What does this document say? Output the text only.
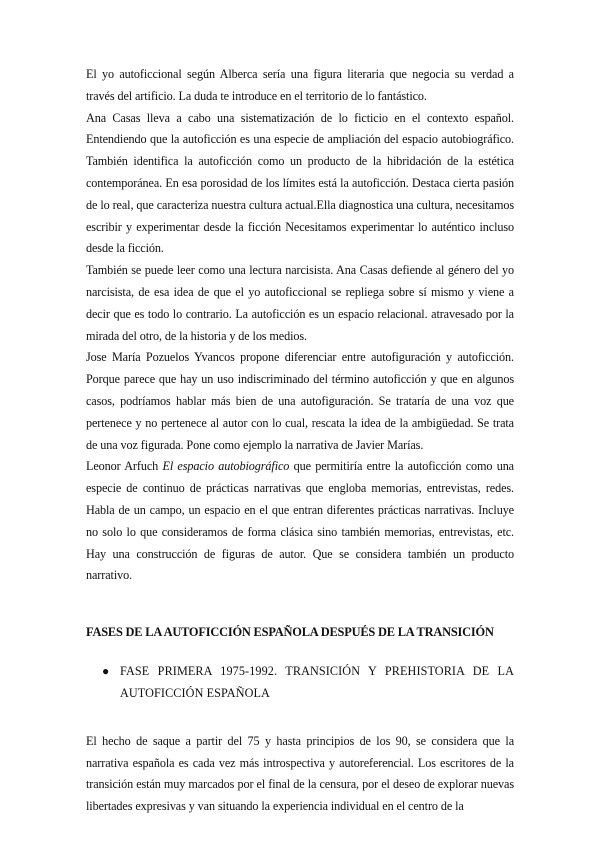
El yo autoficcional según Alberca sería una figura literaria que negocia su verdad a través del artificio. La duda te introduce en el territorio de lo fantástico.

Ana Casas lleva a cabo una sistematización de lo ficticio en el contexto español. Entendiendo que la autoficción es una especie de ampliación del espacio autobiográfico. También identifica la autoficción como un producto de la hibridación de la estética contemporánea. En esa porosidad de los límites está la autoficción. Destaca cierta pasión de lo real, que caracteriza nuestra cultura actual.Ella diagnostica una cultura, necesitamos escribir y experimentar desde la ficción Necesitamos experimentar lo auténtico incluso desde la ficción.

También se puede leer como una lectura narcisista. Ana Casas defiende al género del yo narcisista, de esa idea de que el yo autoficcional se repliega sobre sí mismo y viene a decir que es todo lo contrario. La autoficción es un espacio relacional. atravesado por la mirada del otro, de la historia y de los medios.

Jose María Pozuelos Yvancos propone diferenciar entre autofiguración y autoficción. Porque parece que hay un uso indiscriminado del término autoficción y que en algunos casos, podríamos hablar más bien de una autofiguración. Se trataría de una voz que pertenece y no pertenece al autor con lo cual, rescata la idea de la ambigüedad. Se trata de una voz figurada. Pone como ejemplo la narrativa de Javier Marías.

Leonor Arfuch El espacio autobiográfico que permitiría entre la autoficción como una especie de continuo de prácticas narrativas que engloba memorias, entrevistas, redes. Habla de un campo, un espacio en el que entran diferentes prácticas narrativas. Incluye no solo lo que consideramos de forma clásica sino también memorias, entrevistas, etc. Hay una construcción de figuras de autor. Que se considera también un producto narrativo.

FASES DE LA AUTOFICCIÓN ESPAÑOLA DESPUÉS DE LA TRANSICIÓN
● FASE PRIMERA 1975-1992. TRANSICIÓN Y PREHISTORIA DE LA AUTOFICCIÓN ESPAÑOLA

El hecho de saque a partir del 75 y hasta principios de los 90, se considera que la narrativa española es cada vez más introspectiva y autoreferencial. Los escritores de la transición están muy marcados por el final de la censura, por el deseo de explorar nuevas libertades expresivas y van situando la experiencia individual en el centro de la
